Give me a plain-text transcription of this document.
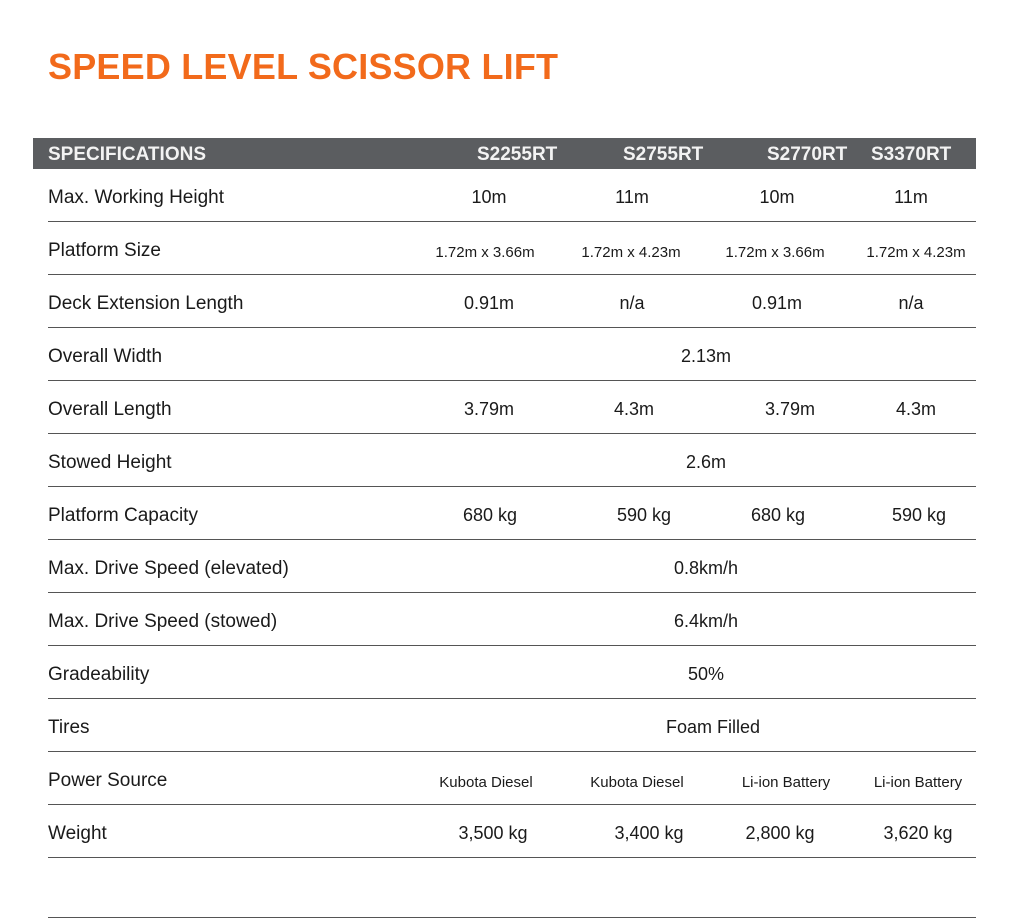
SPEED LEVEL SCISSOR LIFT
SPECIFICATIONS	S2255RT	S2755RT	S2770RT S3370RT
Max. Working Height	10m	11m	10m	11m
Platform Size	1.72m x 3.66m	1.72m x 4.23m	1.72m x 3.66m	1.72m x 4.23m
Deck Extension Length	0.91m	n/a	0.91m	n/a
Overall Width	2.13m
Overall Length	3.79m	4.3m	3.79m	4.3m
Stowed Height	2.6m
Platform Capacity	680 kg	590 kg	680 kg	590 kg
Max. Drive Speed (elevated)	0.8km/h
Max. Drive Speed (stowed)	6.4km/h
Gradeability	50%
Tires	Foam Filled
Power Source	Kubota Diesel	Kubota Diesel	Li-ion Battery	Li-ion Battery
Weight	3,500 kg	3,400 kg	2,800 kg	3,620 kg
